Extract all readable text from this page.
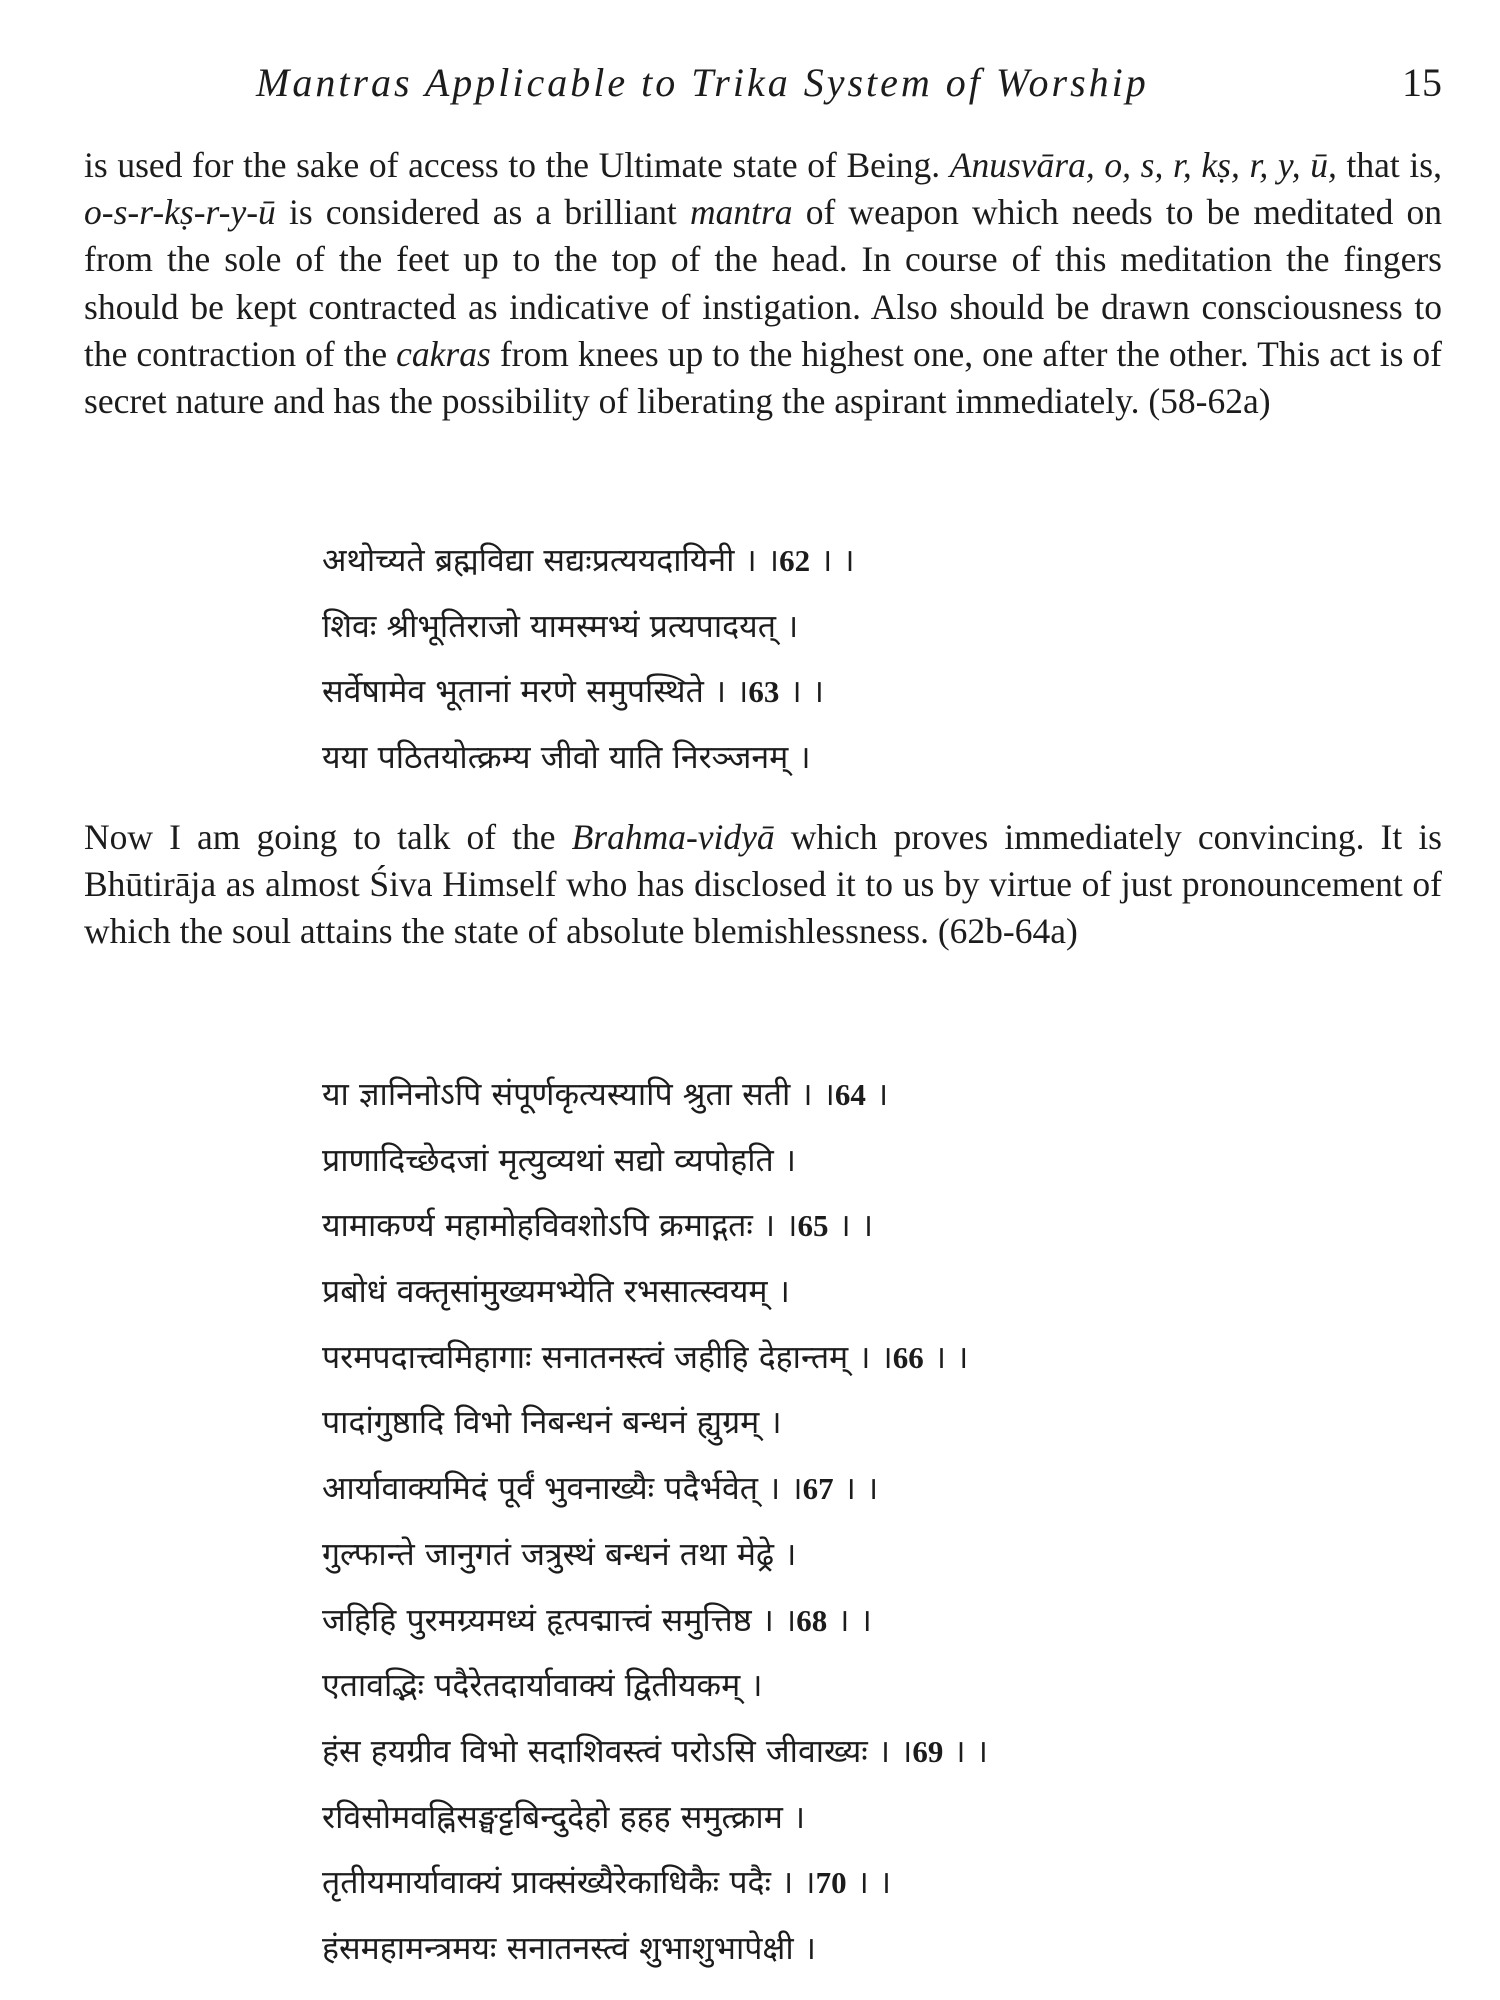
Mantras Applicable to Trika System of Worship	15

is used for the sake of access to the Ultimate state of Being. Anusvāra, o, s, r, kṣ, r, y, ū, that is, o-s-r-kṣ-r-y-ū is considered as a brilliant mantra of weapon which needs to be meditated on from the sole of the feet up to the top of the head. In course of this meditation the fingers should be kept contracted as indicative of instigation. Also should be drawn consciousness to the contraction of the cakras from knees up to the highest one, one after the other. This act is of secret nature and has the possibility of liberating the aspirant immediately. (58-62a)

अथोच्यते ब्रह्मविद्या सद्यःप्रत्ययदायिनी । ।62 । ।
शिवः श्रीभूतिराजो यामस्मभ्यं प्रत्यपादयत् ।
सर्वेषामेव भूतानां मरणे समुपस्थिते । ।63 । ।
यया पठितयोत्क्रम्य जीवो याति निरञ्जनम् ।

Now I am going to talk of the Brahma-vidyā which proves immediately convincing. It is Bhūtirāja as almost Śiva Himself who has disclosed it to us by virtue of just pronouncement of which the soul attains the state of absolute blemishlessness. (62b-64a)

या ज्ञानिनोऽपि संपूर्णकृत्यस्यापि श्रुता सती । ।64 ।
प्राणादिच्छेदजां मृत्युव्यथां सद्यो व्यपोहति ।
यामाकर्ण्य महामोहविवशोऽपि क्रमाद्गतः । ।65 । ।
प्रबोधं वक्तृसांमुख्यमभ्येति रभसात्स्वयम् ।
परमपदात्त्वमिहागाः सनातनस्त्वं जहीहि देहान्तम् । ।66 । ।
पादांगुष्ठादि विभो निबन्धनं बन्धनं ह्युग्रम् ।
आर्यावाक्यमिदं पूर्वं भुवनाख्यैः पदैर्भवेत् । ।67 । ।
गुल्फान्ते जानुगतं जत्रुस्थं बन्धनं तथा मेढ्रे ।
जहिहि पुरमग्र्यमध्यं हृत्पद्मात्त्वं समुत्तिष्ठ । ।68 । ।
एतावद्भिः पदैरेतदार्यावाक्यं द्वितीयकम् ।
हंस हयग्रीव विभो सदाशिवस्त्वं परोऽसि जीवाख्यः । ।69 । ।
रविसोमवह्निसङ्घट्टबिन्दुदेहो हहह समुत्क्राम ।
तृतीयमार्यावाक्यं प्राक्संख्यैरेकाधिकैः पदैः । ।70 । ।
हंसमहामन्त्रमयः सनातनस्त्वं शुभाशुभापेक्षी ।
